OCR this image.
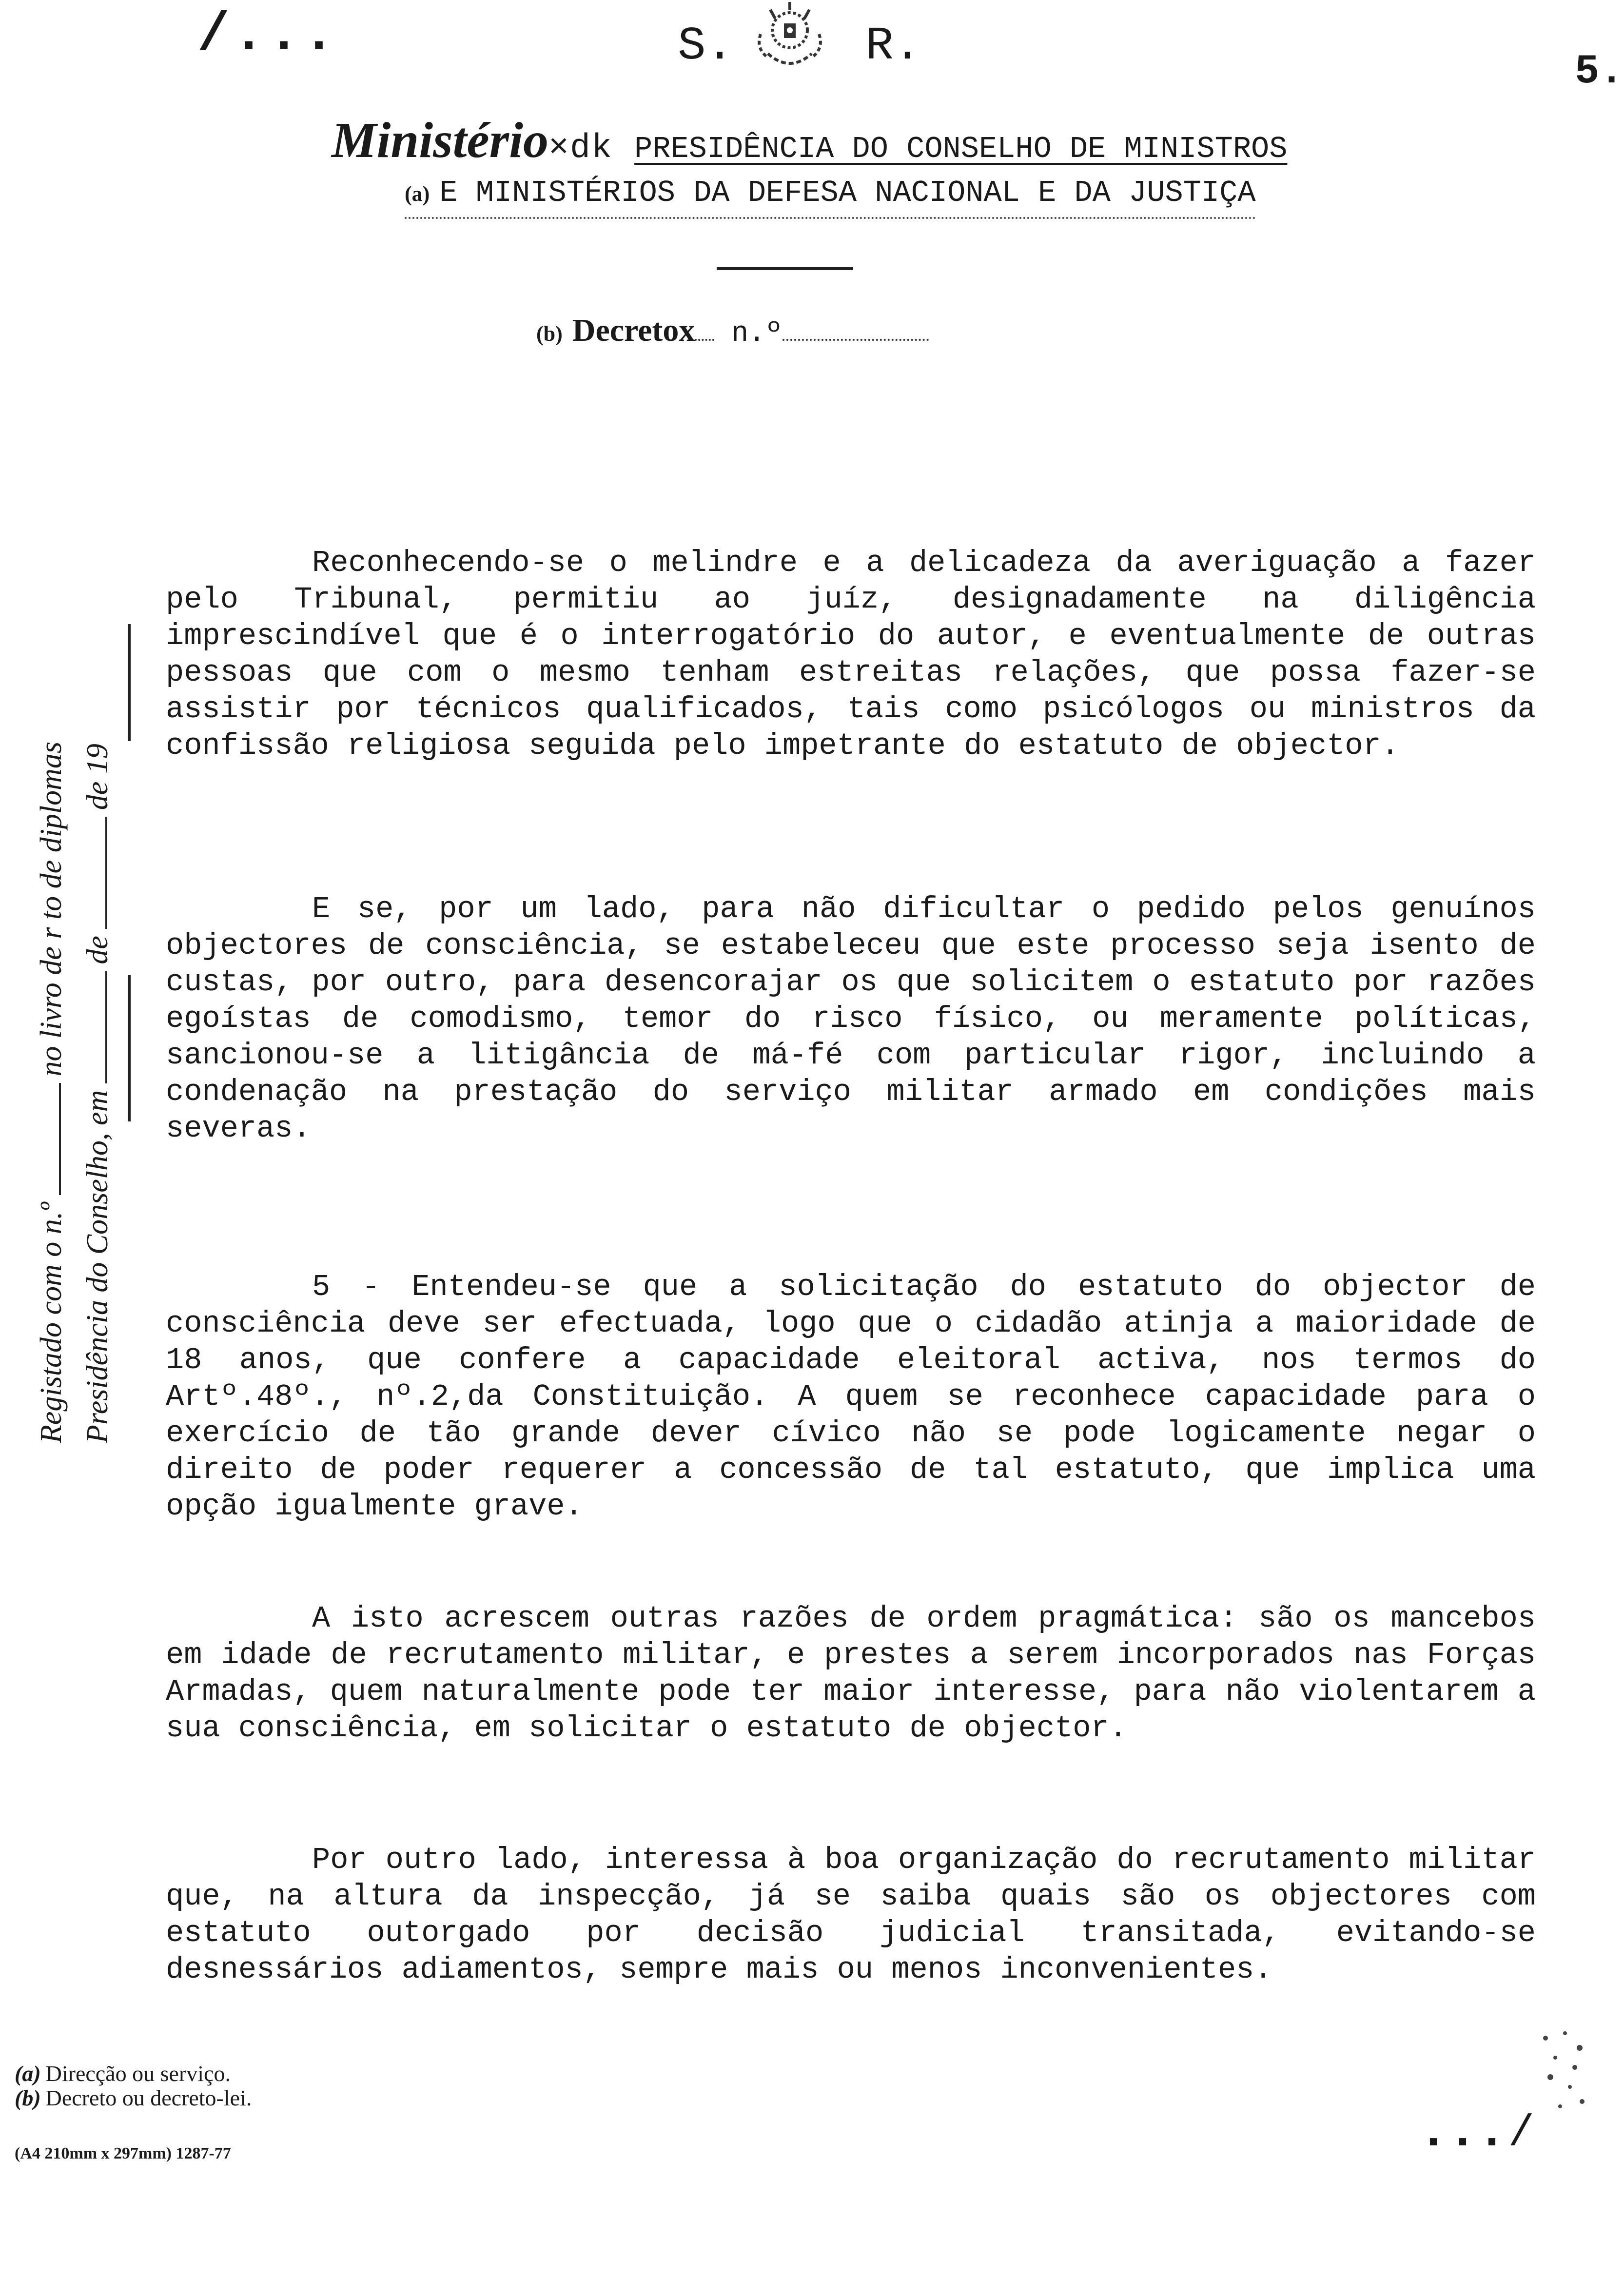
/...
5.
S.	R.
Ministério×dk PRESIDÊNCIA DO CONSELHO DE MINISTROS
(a) E MINISTÉRIOS DA DEFESA NACIONAL E DA JUSTIÇA
(b) Decretox n.º

Reconhecendo-se o melindre e a delicadeza da averiguação a fazer pelo Tribunal, permitiu ao juíz, designadamente na diligência imprescindível que é o interrogatório do autor, e eventualmente de outras pessoas que com o mesmo tenham estreitas relações, que possa fazer-se assistir por técnicos qualificados, tais como psicólogos ou ministros da confissão religiosa seguida pelo impetrante do estatuto de objector.

E se, por um lado, para não dificultar o pedido pelos genuínos objectores de consciência, se estabeleceu que este processo seja isento de custas, por outro, para desencorajar os que solicitem o estatuto por razões egoístas de comodismo, temor do risco físico, ou meramente políticas, sancionou-se a litigância de má-fé com particular rigor, incluindo a condenação na prestação do serviço militar armado em condições mais severas.

5 - Entendeu-se que a solicitação do estatuto do objector de consciência deve ser efectuada, logo que o cidadão atinja a maioridade de 18 anos, que confere a capacidade eleitoral activa, nos termos do Artº.48º., nº.2,da Constituição. A quem se reconhece capacidade para o exercício de tão grande dever cívico não se pode logicamente negar o direito de poder requerer a concessão de tal estatuto, que implica uma opção igualmente grave.

A isto acrescem outras razões de ordem pragmática: são os mancebos em idade de recrutamento militar, e prestes a serem incorporados nas Forças Armadas, quem naturalmente pode ter maior interesse, para não violentarem a sua consciência, em solicitar o estatuto de objector.

Por outro lado, interessa à boa organização do recrutamento militar que, na altura da inspecção, já se saiba quais são os objectores com estatuto outorgado por decisão judicial transitada, evitando-se desnessários adiamentos, sempre mais ou menos inconvenientes.

Registado com o n.ºno livro de r to de diplomas
Presidência do Conselho, emdede 19
(a) Direcção ou serviço.
(b) Decreto ou decreto-lei.
(A4 210mm x 297mm) 1287-77	...∕
